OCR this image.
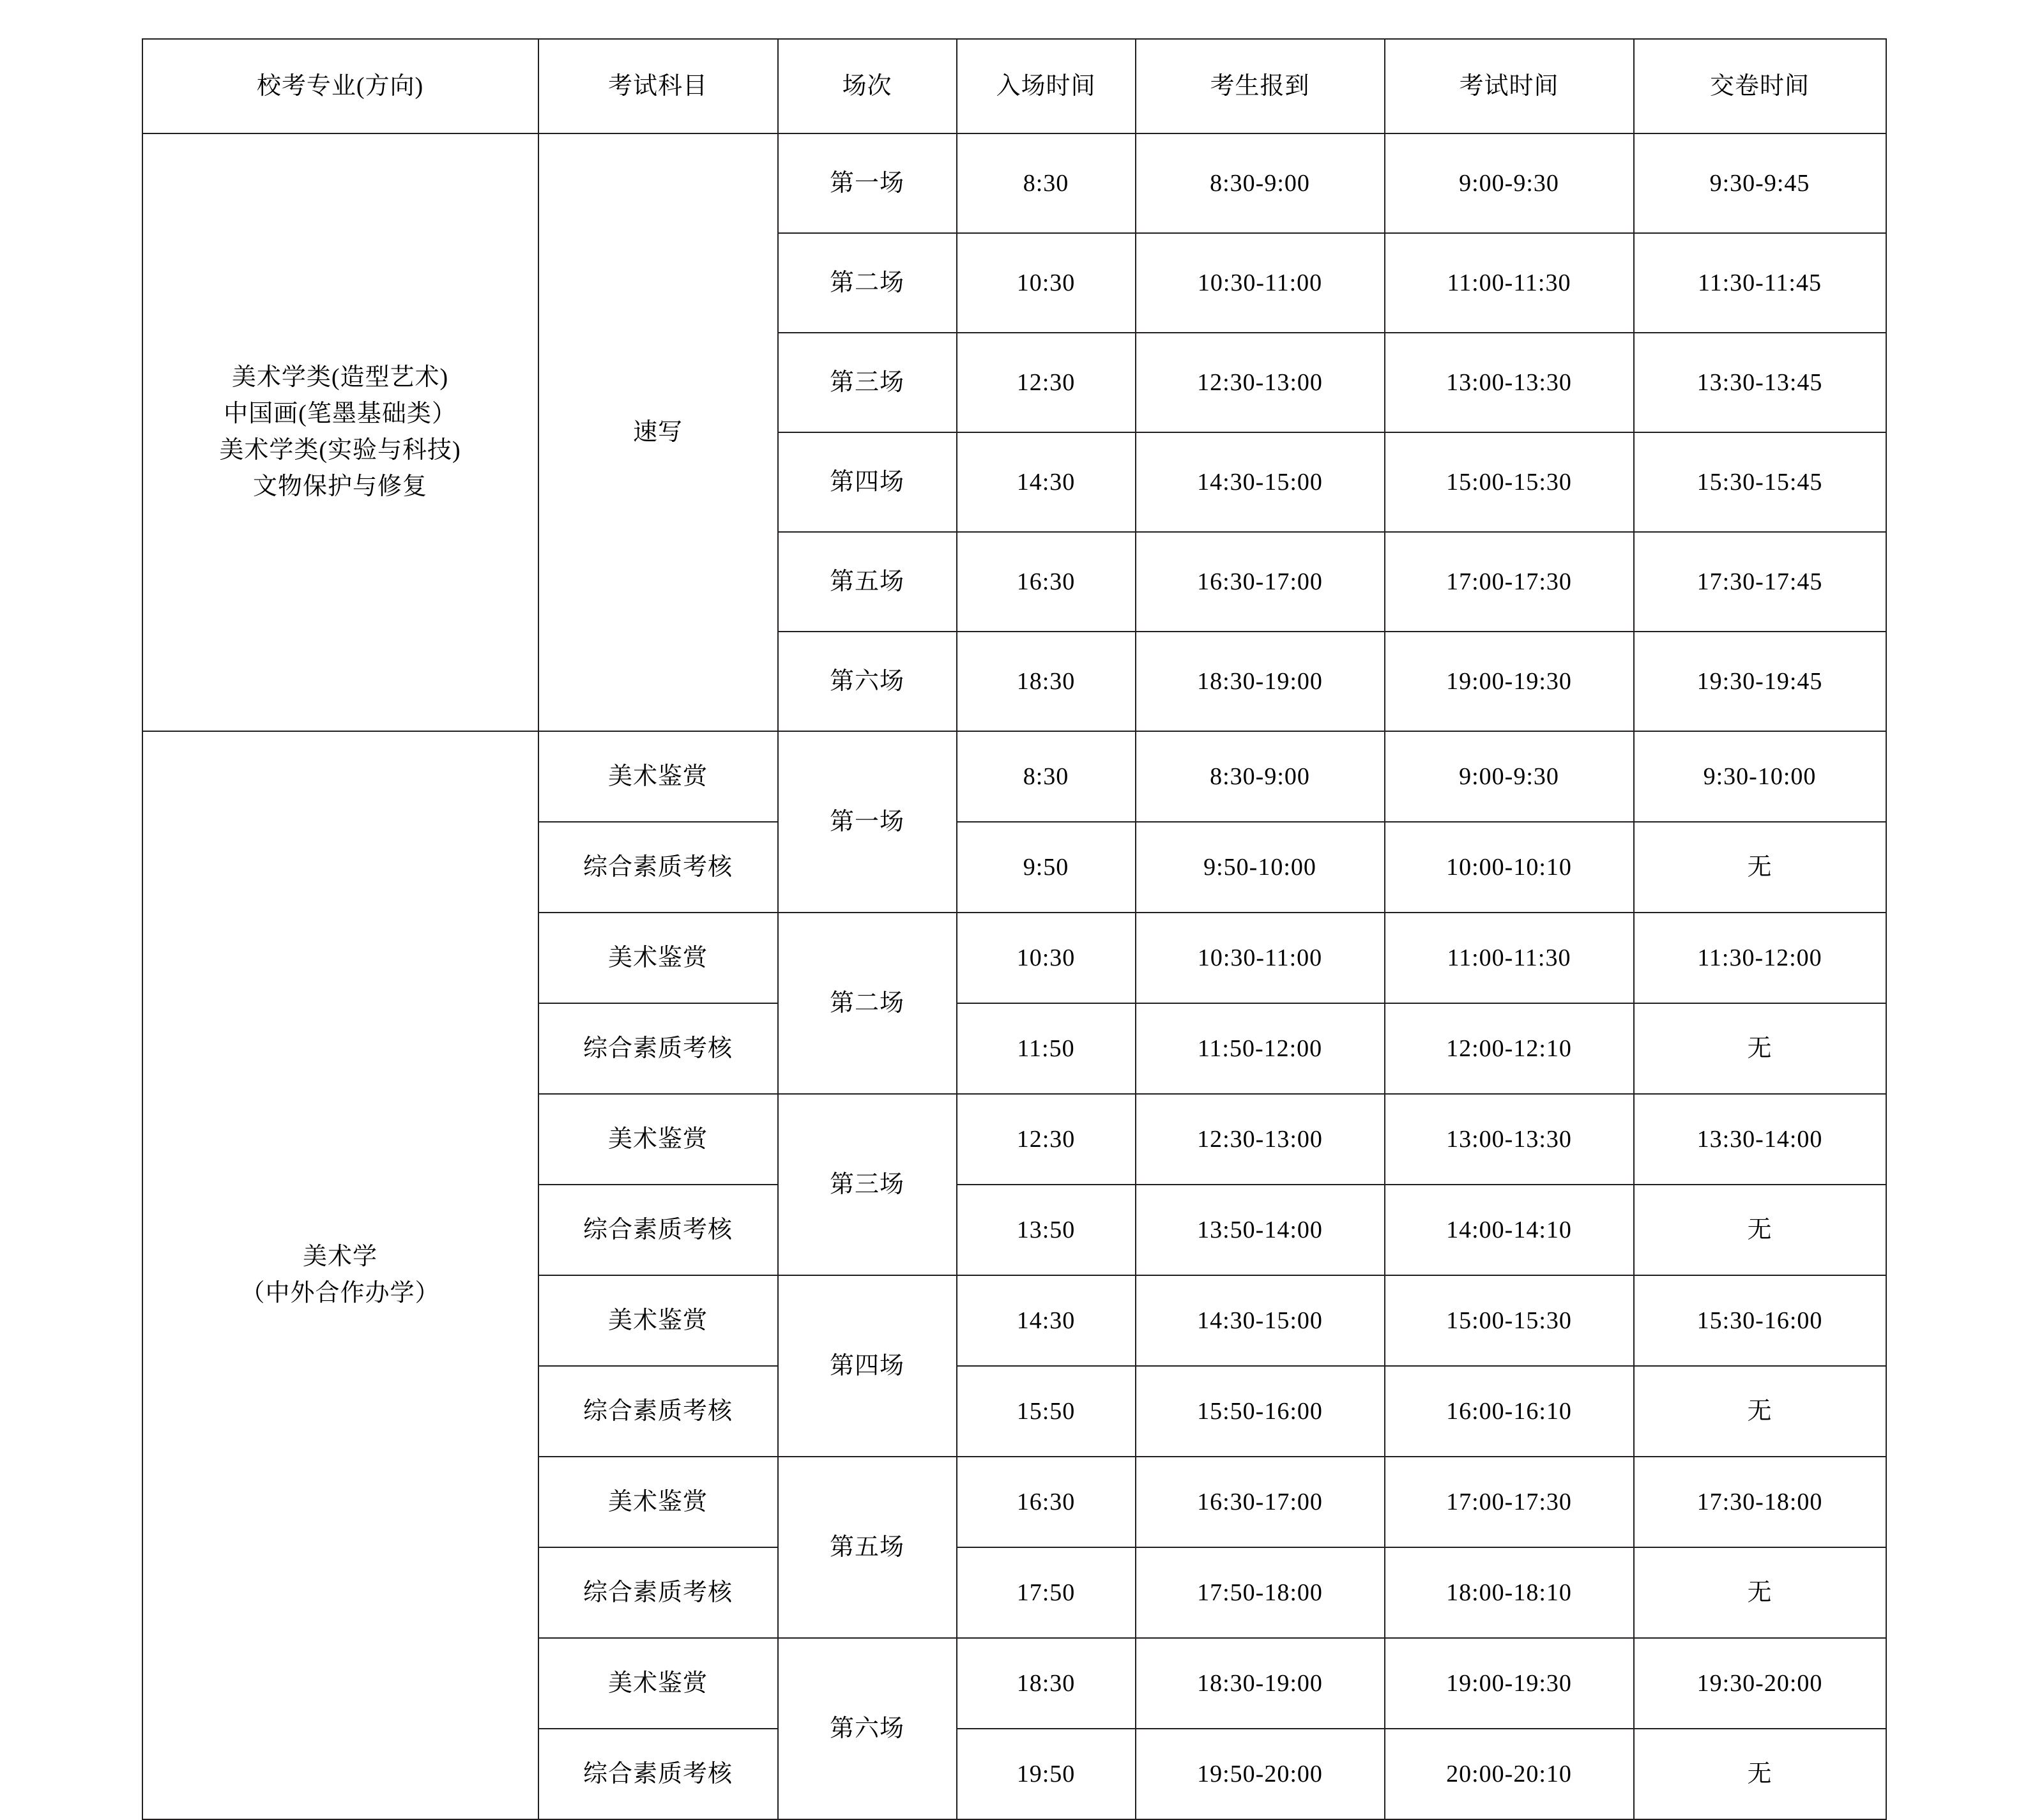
校考专业(方向)	考试科目	场次	入场时间	考生报到	考试时间	交卷时间

美术学类(造型艺术)
中国画(笔墨基础类）
美术学类(实验与科技)
文物保护与修复	速写	第一场	8:30	8:30-9:00	9:00-9:30	9:30-9:45
		第二场	10:30	10:30-11:00	11:00-11:30	11:30-11:45
		第三场	12:30	12:30-13:00	13:00-13:30	13:30-13:45
		第四场	14:30	14:30-15:00	15:00-15:30	15:30-15:45
		第五场	16:30	16:30-17:00	17:00-17:30	17:30-17:45
		第六场	18:30	18:30-19:00	19:00-19:30	19:30-19:45

美术学
（中外合作办学）	美术鉴赏	第一场	8:30	8:30-9:00	9:00-9:30	9:30-10:00
	综合素质考核		9:50	9:50-10:00	10:00-10:10	无
	美术鉴赏	第二场	10:30	10:30-11:00	11:00-11:30	11:30-12:00
	综合素质考核		11:50	11:50-12:00	12:00-12:10	无
	美术鉴赏	第三场	12:30	12:30-13:00	13:00-13:30	13:30-14:00
	综合素质考核		13:50	13:50-14:00	14:00-14:10	无
	美术鉴赏	第四场	14:30	14:30-15:00	15:00-15:30	15:30-16:00
	综合素质考核		15:50	15:50-16:00	16:00-16:10	无
	美术鉴赏	第五场	16:30	16:30-17:00	17:00-17:30	17:30-18:00
	综合素质考核		17:50	17:50-18:00	18:00-18:10	无
	美术鉴赏	第六场	18:30	18:30-19:00	19:00-19:30	19:30-20:00
	综合素质考核		19:50	19:50-20:00	20:00-20:10	无
